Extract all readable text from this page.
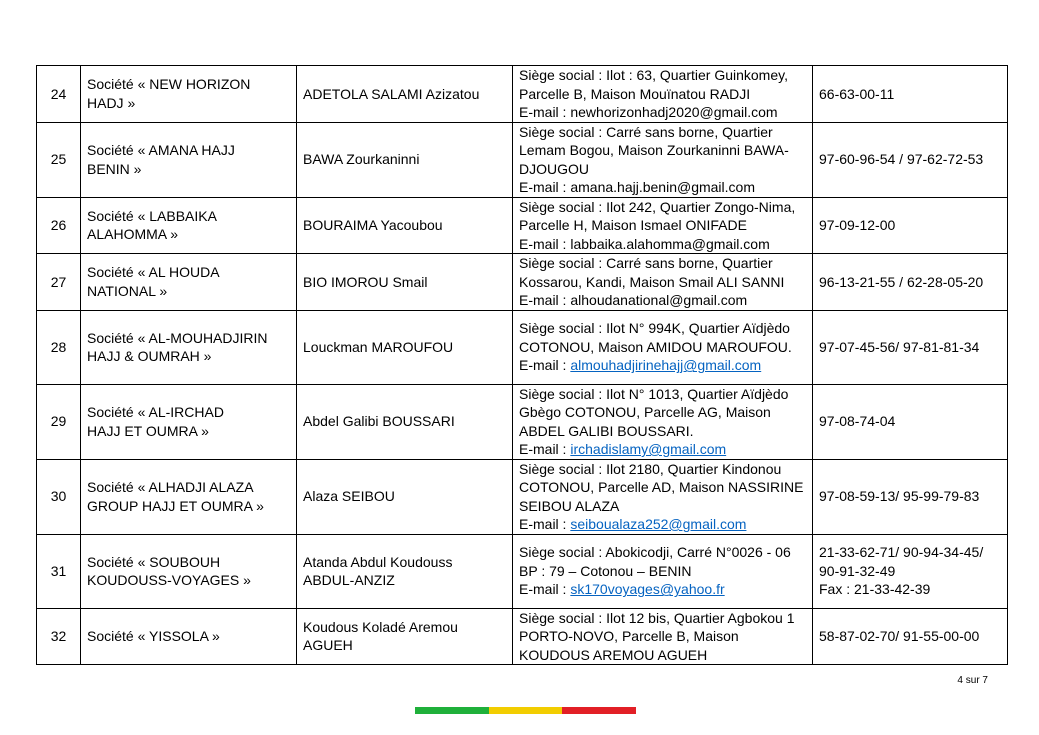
24	Société « NEW HORIZON
HADJ »	ADETOLA SALAMI Azizatou	Siège social : Ilot : 63, Quartier Guinkomey,
Parcelle B, Maison Mouïnatou RADJI
E-mail : newhorizonhadj2020@gmail.com	66-63-00-11

25	Société « AMANA HAJJ
BENIN »	BAWA Zourkaninni	Siège social : Carré sans borne, Quartier
Lemam Bogou, Maison Zourkaninni BAWA-
DJOUGOU
E-mail : amana.hajj.benin@gmail.com	97-60-96-54 / 97-62-72-53

26	Société « LABBAIKA
ALAHOMMA »	BOURAIMA Yacoubou	Siège social : Ilot 242, Quartier Zongo-Nima,
Parcelle H, Maison Ismael ONIFADE
E-mail : labbaika.alahomma@gmail.com	97-09-12-00

27	Société « AL HOUDA
NATIONAL »	BIO IMOROU Smail	Siège social : Carré sans borne, Quartier
Kossarou, Kandi, Maison Smail ALI SANNI
E-mail : alhoudanational@gmail.com	96-13-21-55 / 62-28-05-20

28	Société « AL-MOUHADJIRIN
HAJJ & OUMRAH »	Louckman MAROUFOU	Siège social : Ilot N° 994K, Quartier Aïdjèdo
COTONOU, Maison AMIDOU MAROUFOU.
E-mail : almouhadjirinehajj@gmail.com	97-07-45-56/ 97-81-81-34

29	Société « AL-IRCHAD
HAJJ ET OUMRA »	Abdel Galibi BOUSSARI	Siège social : Ilot N° 1013, Quartier Aïdjèdo
Gbègo COTONOU, Parcelle AG, Maison
ABDEL GALIBI BOUSSARI.
E-mail : irchadislamy@gmail.com	97-08-74-04

30	Société « ALHADJI ALAZA
GROUP HAJJ ET OUMRA »	Alaza SEIBOU	Siège social : Ilot 2180, Quartier Kindonou
COTONOU, Parcelle AD, Maison NASSIRINE
SEIBOU ALAZA
E-mail : seiboualaza252@gmail.com	97-08-59-13/ 95-99-79-83

31	Société « SOUBOUH
KOUDOUSS-VOYAGES »	Atanda Abdul Koudouss
ABDUL-ANZIZ	Siège social : Abokicodji, Carré N°0026 - 06
BP : 79 – Cotonou – BENIN
E-mail : sk170voyages@yahoo.fr	21-33-62-71/ 90-94-34-45/
90-91-32-49
Fax : 21-33-42-39

32	Société « YISSOLA »	Koudous Koladé Aremou
AGUEH	Siège social : Ilot 12 bis, Quartier Agbokou 1
PORTO-NOVO, Parcelle B, Maison
KOUDOUS AREMOU AGUEH	58-87-02-70/ 91-55-00-00
4 sur 7
